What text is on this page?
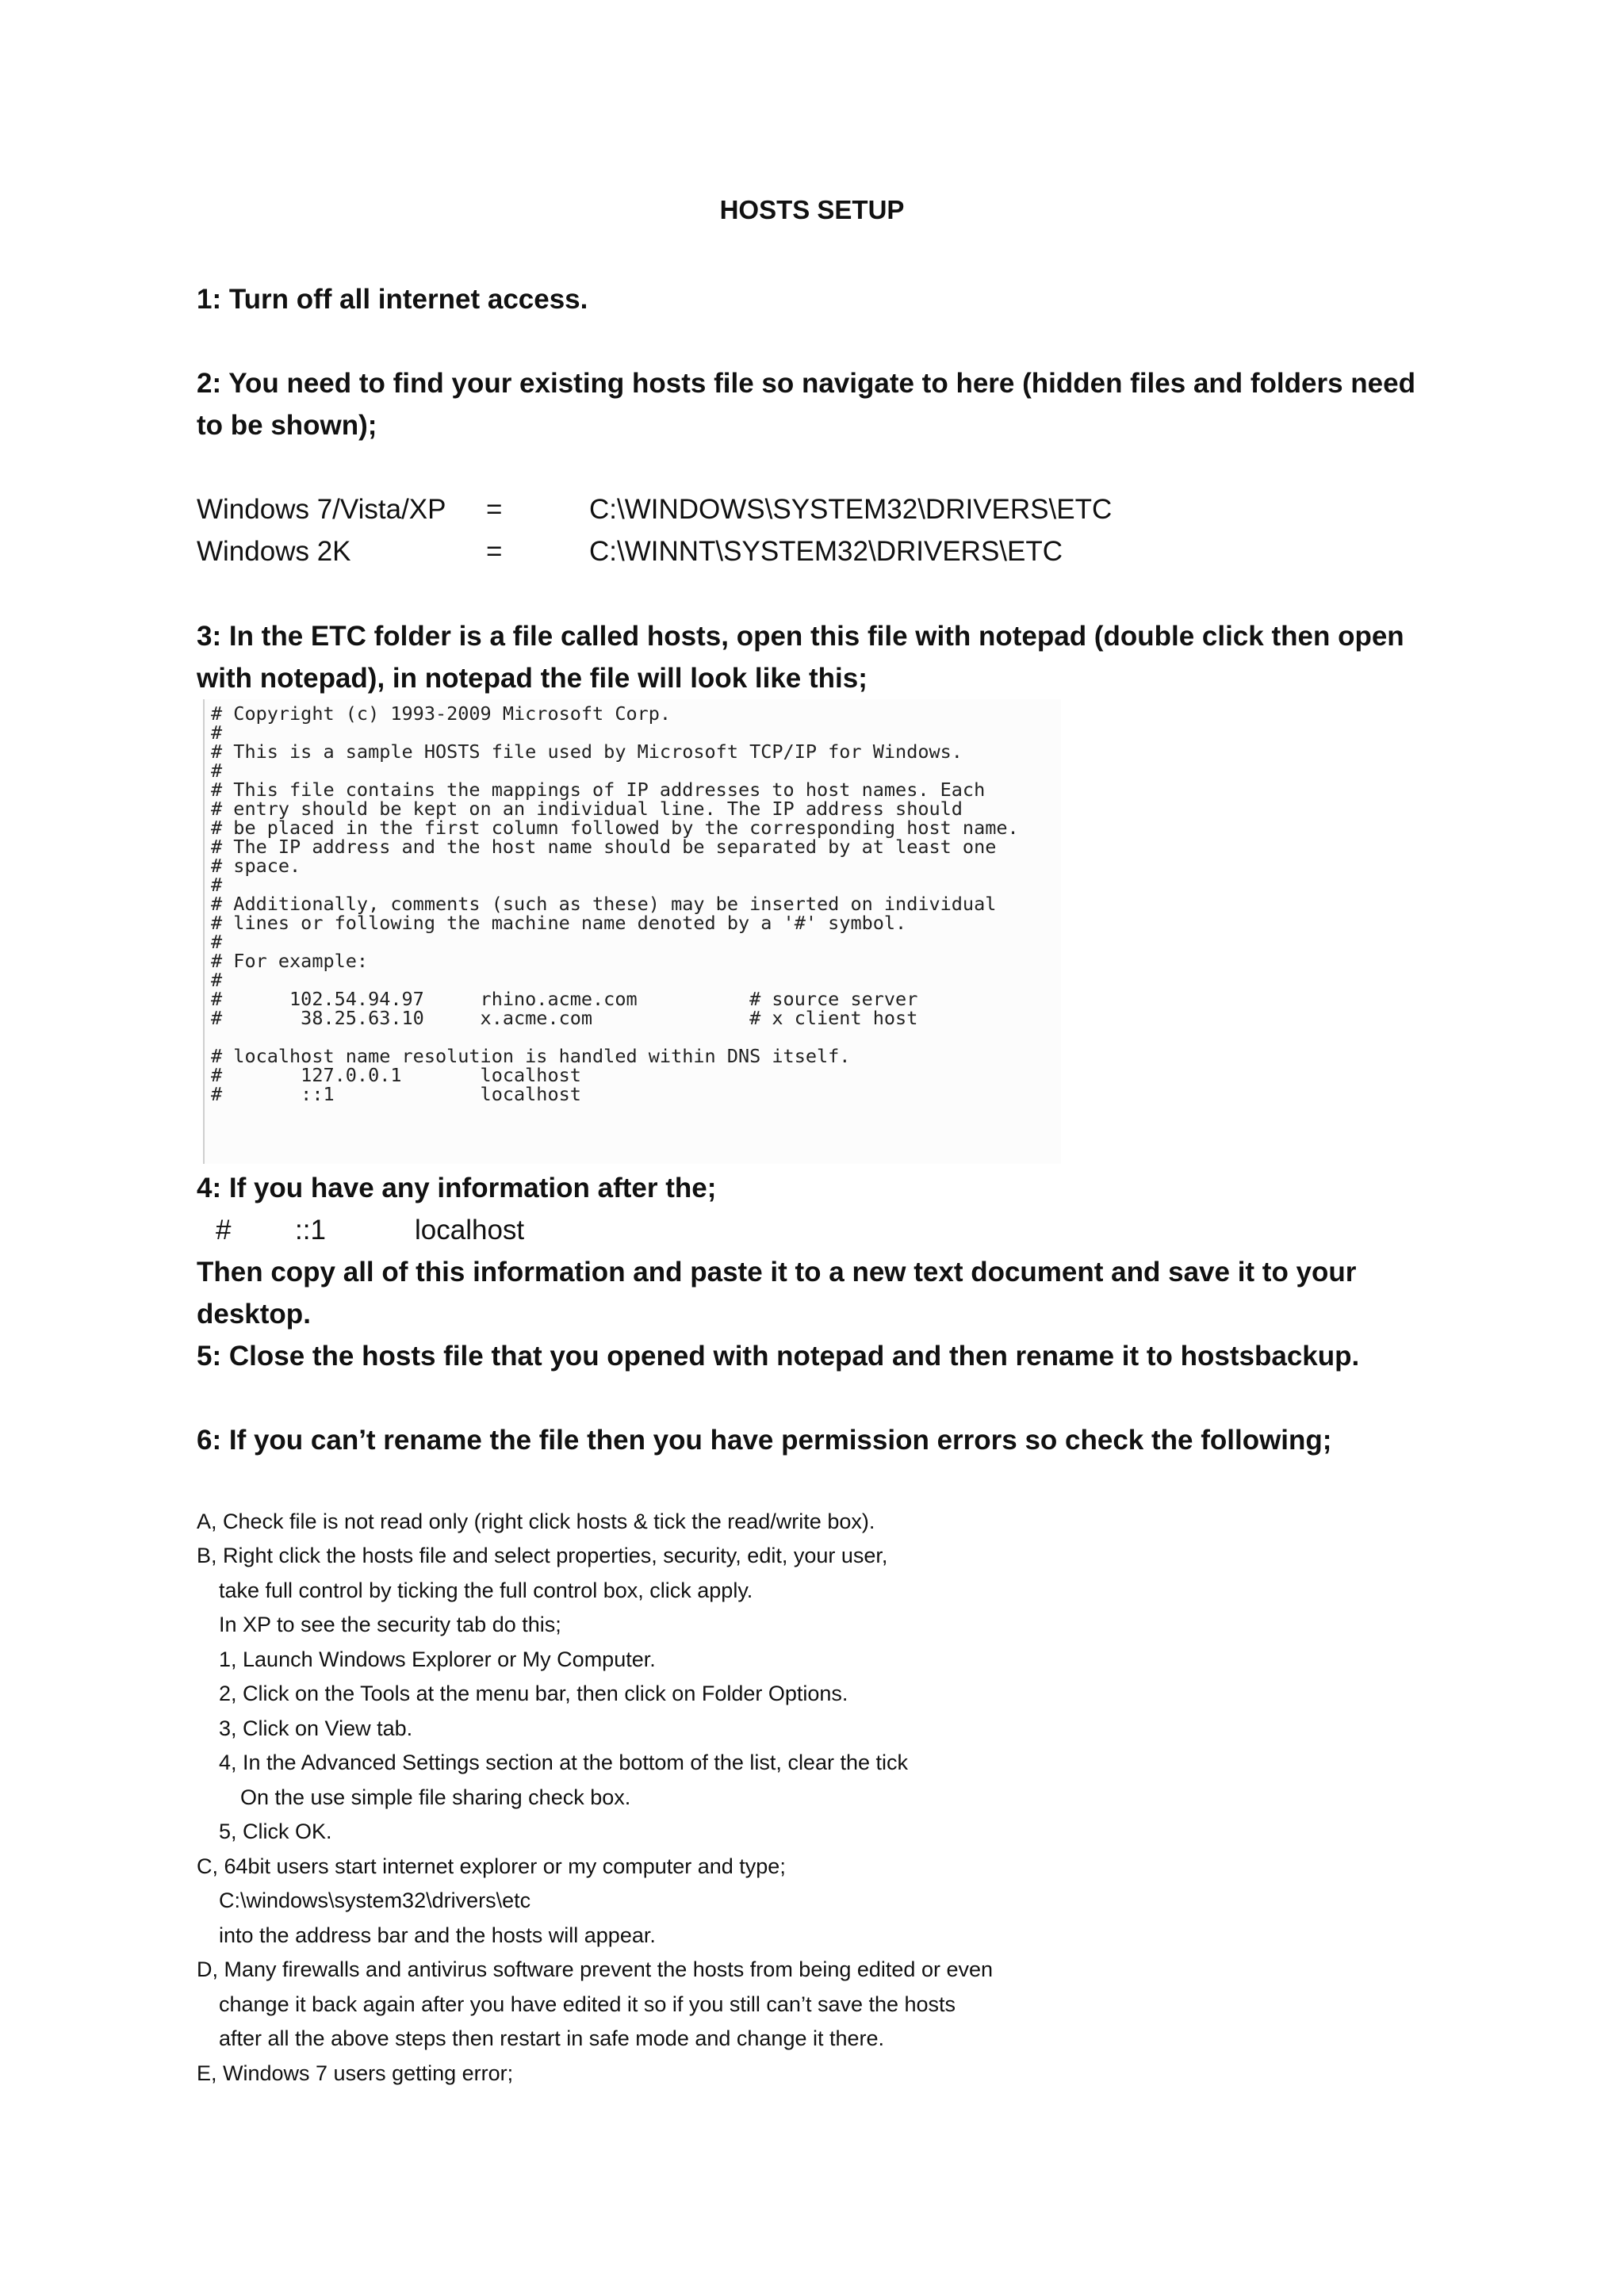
HOSTS SETUP
1: Turn off all internet access.
2: You need to find your existing hosts file so navigate to here (hidden files and folders need to be shown);
Windows 7/Vista/XP =	C:\WINDOWS\SYSTEM32\DRIVERS\ETC
Windows 2K	=	C:\WINNT\SYSTEM32\DRIVERS\ETC
3: In the ETC folder is a file called hosts, open this file with notepad (double click then open with notepad), in notepad the file will look like this;
# Copyright (c) 1993-2009 Microsoft Corp.
#
# This is a sample HOSTS file used by Microsoft TCP/IP for Windows.
#
# This file contains the mappings of IP addresses to host names. Each
# entry should be kept on an individual line. The IP address should
# be placed in the first column followed by the corresponding host name.
# The IP address and the host name should be separated by at least one
# space.
#
# Additionally, comments (such as these) may be inserted on individual
# lines or following the machine name denoted by a '#' symbol.
#
# For example:
#
#      102.54.94.97     rhino.acme.com          # source server
#       38.25.63.10     x.acme.com              # x client host
# localhost name resolution is handled within DNS itself.
#       127.0.0.1       localhost
#       ::1             localhost
4: If you have any information after the;
# ::1	localhost
Then copy all of this information and paste it to a new text document and save it to your desktop.
5: Close the hosts file that you opened with notepad and then rename it to hostsbackup.
6: If you can’t rename the file then you have permission errors so check the following;
A, Check file is not read only (right click hosts & tick the read/write box).
B, Right click the hosts file and select properties, security, edit, your user,
take full control by ticking the full control box, click apply.
In XP to see the security tab do this;
1, Launch Windows Explorer or My Computer.
2, Click on the Tools at the menu bar, then click on Folder Options.
3, Click on View tab.
4, In the Advanced Settings section at the bottom of the list, clear the tick
On the use simple file sharing check box.
5, Click OK.
C, 64bit users start internet explorer or my computer and type;
C:\windows\system32\drivers\etc
into the address bar and the hosts will appear.
D, Many firewalls and antivirus software prevent the hosts from being edited or even
change it back again after you have edited it so if you still can’t save the hosts
after all the above steps then restart in safe mode and change it there.
E, Windows 7 users getting error;
